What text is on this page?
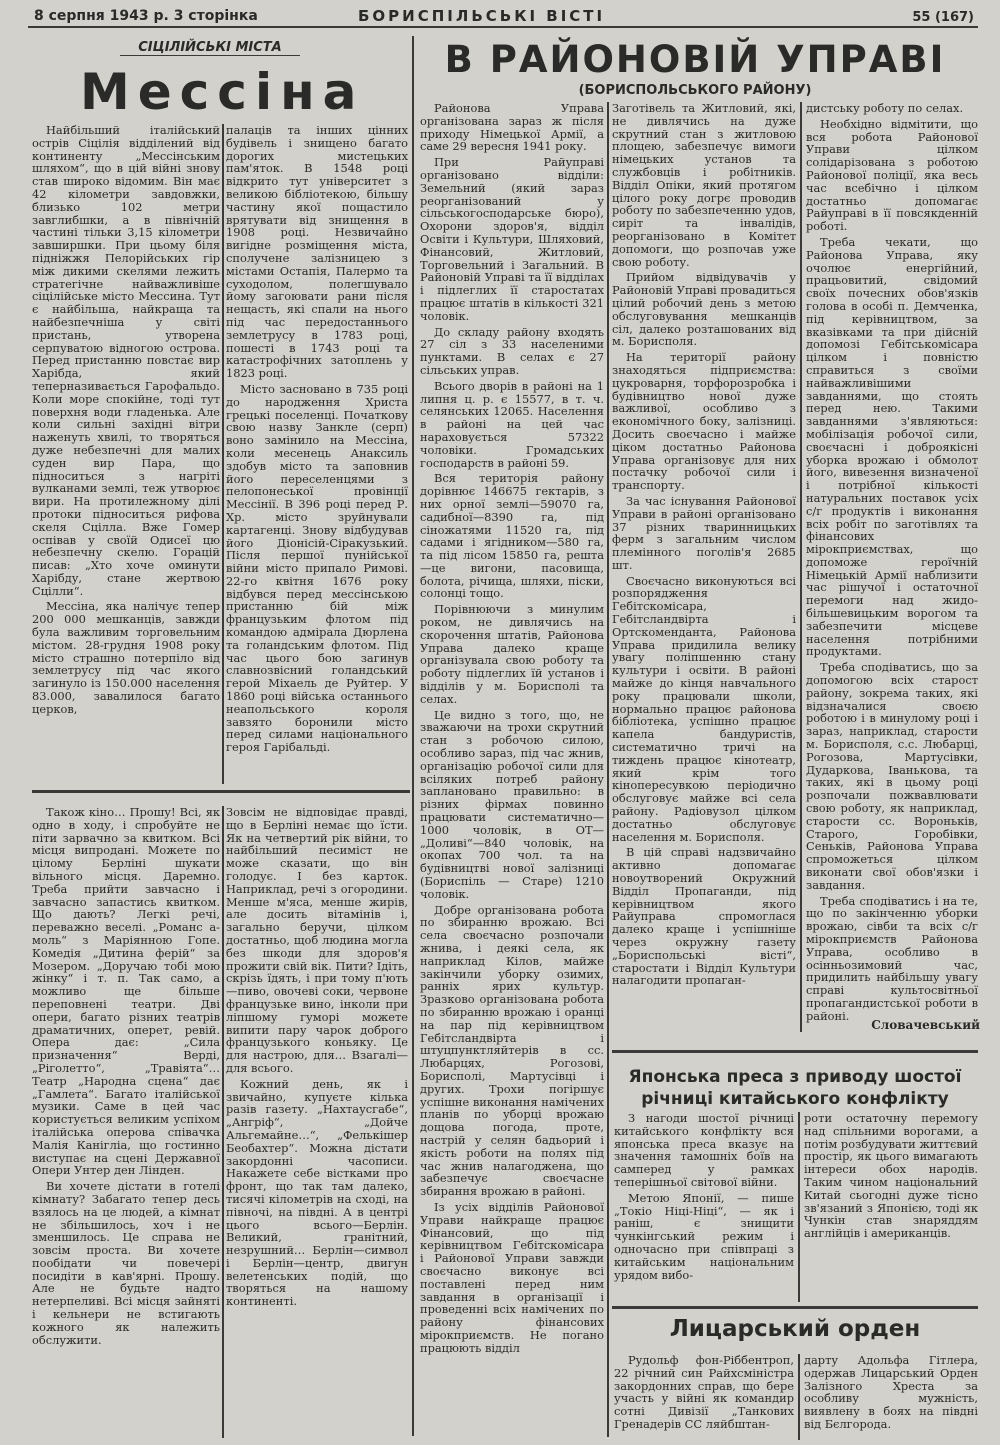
8 серпня 1943 р. 3 сторінка	БОРИСПІЛЬСЬКІ ВІСТІ	55 (167)
СІЦІЛІЙСЬКІ МІСТА
Мессіна

Найбільший італійський острів Сіцілія відділений від континенту „Мессінським шляхом“, що в цій війні знову став широко відомим. Він має 42 кілометри завдовжки, близько 102 метри завглибшки, а в північній частині тільки 3,15 кілометри завширшки. При цьому біля підніжжя Пелорійських гір між дикими скелями лежить стратегічне найважливіше сіцілійське місто Мессина. Тут є найбільша, найкраща та найбезпечніша у світі пристань, утворена серпуватою відногою острова. Перед пристанню повстає вир Харібда, який теперназивається Гарофальдо. Коли море спокійне, тоді тут поверхня води гладенька. Але коли сильні західні вітри наженуть хвилі, то творяться дуже небезпечні для малих суден вир Пара, що підноситься з нагріті вулканами землі, теж утворює вири. На протилежному ділі протоки підноситься рифова скеля Сцілла. Вже Гомер оспівав у своїй Одисеї цю небезпечну скелю. Горацій писав: „Хто хоче оминути Харібду, стане жертвою Сцілли“.

Мессіна, яка налічує тепер 200 000 мешканців, завжди була важливим торговельним містом. 28-грудня 1908 року місто страшно потерпіло від землетрусу під час якого загинуло із 150.000 населення 83.000, завалилося багато церков,

палаців та інших цінних будівель і знищено багато дорогих мистецьких пам'яток. В 1548 році відкрито тут університет з великою бібліотекою, більшу частину якої пощастило врятувати від знищення в 1908 році. Незвичайно вигідне розміщення міста, сполучене залізницею з містами Остапія, Палермо та суходолом, полегшувало йому загоювати рани після нещасть, які спали на нього під час передостаннього землетрусу в 1783 році, пошесті в 1743 році та катастрофічних затоплень у 1823 році.

Місто засновано в 735 році до народження Христа грецькі поселенці. Початкову свою назву Занкле (серп) воно замінило на Мессіна, коли месенець Анаксиль здобув місто та заповнив його переселенцями з пелопонеської провінції Мессінії. В 396 році перед Р. Хр. місто зруйнували картагенці. Знову відбудував його Діонісій-Сіракузький. Після першої пунійської війни місто припало Римові. 22-го квітня 1676 року відбувся перед мессінською пристанню бій між французьким флотом під командою адмірала Дюрлена та голандським флотом. Під час цього бою загинув славнозвісний голандський герой Міхаель де Руйтер. У 1860 році війська останнього неапольського короля завзято боронили місто перед силами національного героя Гарібальді.

В РАЙОНОВІЙ УПРАВІ
(БОРИСПОЛЬСЬКОГО РАЙОНУ)

Районова Управа організована зараз ж після приходу Німецької Армії, а саме 29 вересня 1941 року.

При Райуправі організовано відділи: Земельний (який зараз реорганізований у сільськогосподарське бюро), Охорони здоров'я, відділ Освіти і Культури, Шляховий, Фінансовий, Житловий, Торговельний і Загальний. В Районовій Управі та її відділах і підлеглих її старостатах працює штатів в кількості 321 чоловік.

До складу району входять 27 сіл з 33 населеними пунктами. В селах є 27 сільських управ.

Всього дворів в районі на 1 липня ц. р. є 15577, в т. ч. селянських 12065. Населення в районі на цей час нараховується 57322 чоловіки. Громадських господарств в районі 59.

Вся територія району дорівнює 146675 гектарів, з них орної землі—59070 га, садибної—8390 га, під сіножатями 11520 га, під садами і ягідником—580 га, та під лісом 15850 га, решта—це вигони, пасовища, болота, річища, шляхи, піски, солонці тощо.

Порівнюючи з минулим роком, не дивлячись на скорочення штатів, Районова Управа далеко краще організувала свою роботу та роботу підлеглих їй установ і відділів у м. Борисполі та селах.

Це видно з того, що, не зважаючи на трохи скрутний стан з робочою силою, особливо зараз, під час жнив, організацію робочої сили для всіляких потреб району заплановано правильно: в різних фірмах повинно працювати систематично—1000 чоловік, в ОТ—„Доливі“—840 чоловік, на окопах 700 чол. та на будівництві нової залізниці (Бориспіль — Старе) 1210 чоловік.

Добре організована робота по збиранню врожаю. Всі села своєчасно розпочали жнива, і деякі села, як наприклад Кілов, майже закінчили уборку озимих, ранніх ярих культур. Зразково організована робота по збиранню врожаю і оранці на пар під керівництвом Гебітсландвірта і штуцпунктляйтерів в сс. Любарцях, Рогозові, Борисполі, Мартусівці і других. Трохи погіршує успішне виконання намічених планів по уборці врожаю дощова погода, проте, настрій у селян бадьорий і якість роботи на полях під час жнив налагоджена, що забезпечує своєчасне збирання врожаю в районі.

Із усіх відділів Районової Управи найкраще працює Фінансовий, що під керівництвом Гебітскомісара і Районової Управи завжди своєчасно виконує всі поставлені перед ним завдання в організації і проведенні всіх намічених по району фінансових мірокприємств. Не погано працюють відділ

Заготівель та Житловий, які, не дивлячись на дуже скрутний стан з житловою площею, забезпечує вимоги німецьких установ та службовців і робітників. Відділ Опіки, який протягом цілого року догрє проводив роботу по забезпеченню удов, сиріт та інвалідів, реорганізовано в Комітет допомоги, що розпочав уже свою роботу.

Прийом відвідувачів у Районовій Управі провадиться цілий робочий день з метою обслуговування мешканців сіл, далеко розташованих від м. Борисполя.

На території району знаходяться підприємства: цукроварня, торфорозробка і будівництво нової дуже важливої, особливо з економічного боку, залізниці. Досить своєчасно і майже ціком достатньо Районова Управа організовує для них постачку робочої сили і транспорту.

За час існування Районової Управи в районі організовано 37 різних тваринницьких ферм з загальним числом племінного поголів'я 2685 шт.

Своєчасно виконуються всі розпорядження Гебітскомісара, Гебітсландвірта і Ортскоменданта, Районова Управа придилила велику увагу поліпшенню стану культури і освіти. В районі майже до кінця навчального року працювали школи, нормально працює районова бібліотека, успішно працює капела бандуристів, систематично тричі на тиждень працює кінотеатр, який крім того кінопересувкою періодично обслуговує майже всі села району. Радіовузол цілком достатньо обслуговує населення м. Борисполя.

В цій справі надзвичайно активно допомагає новоутворений Окружний Відділ Пропаганди, під керівництвом якого Райуправа спромоглася далеко краще і успішніше через окружну газету „Бориспольські вісті“, старостати і Відділ Культури налагодити пропаган-

дистську роботу по селах.

Необхідно відмітити, що вся робота Районової Управи цілком солідарізована з роботою Районової поліції, яка весь час всебічно і цілком достатньо допомагає Райуправі в її повсякденній роботі.

Треба чекати, що Районова Управа, яку очолює енергійний, працьовитий, свідомий своїх почесних обов'язків голова в особі п. Демченка, під керівництвом, за вказівками та при дійсній допомозі Гебітськомісара цілком і повністю справиться з своїми найважливішими завданнями, що стоять перед нею. Такими завданнями з'являються: мобілізація робочої сили, своєчасні і доброякісні уборка врожаю і обмолот його, вивезення визначеної і потрібної кількості натуральних поставок усіх с/г продуктів і виконання всіх робіт по заготівлях та фінансових мірокприємствах, що допоможе героїчній Німецькій Армії наблизити час рішучої і остаточної перемоги над жидо-більшевицьким ворогом та забезпечити місцеве населення потрібними продуктами.

Треба сподіватись, що за допомогою всіх старост району, зокрема таких, які відзначалися своєю роботою і в минулому році і зараз, наприклад, старости м. Борисполя, с.с. Любарці, Рогозова, Мартусівки, Дударкова, Іванькова, та таких, які в цьому році розпочали пожвавлювати свою роботу, як наприклад, старости сс. Вороньків, Старого, Горобівки, Сеньків, Районова Управа спроможеться цілком виконати свої обов'язки і завдання.

Треба сподіватись і на те, що по закінченню уборки врожаю, сівби та всіх с/г мірокприємств Районова Управа, особливо в осінньозимовий час, придилить найбільшу увагу справі культосвітньої пропагандистської роботи в районі.

Словачевський

Також кіно… Прошу! Всі, як одно в ходу, і спробуйте не піти зарвачно за квитком. Всі місця випродані. Можете по цілому Берліні шукати вільного місця. Даремно. Треба прийти завчасно і завчасно запастись квитком. Що дають? Легкі речі, переважно веселі. „Романс а-моль“ з Маріянною Гопе. Комедія „Дитина ферій“ за Мозером. „Доручаю тобі мою жінку“ і т. п. Так само, а можливо ще більше переповнені театри. Дві опери, багато різних театрів драматичних, оперет, ревій. Опера дає: „Сила призначення“ Верді, „Ріголетто“, „Травіята“… Театр „Народна сцена“ дає „Гамлета“. Багато італійської музики. Саме в цей час користується великим успіхом італійська оперова співачка Малія Канігліа, що гостинно виступає на сцені Державної Опери Унтер ден Лінден.

Ви хочете дістати в готелі кімнату? Забагато тепер десь взялось на це людей, а кімнат не збільшилось, хоч і не зменшилось. Це справа не зовсім проста. Ви хочете пообідати чи повечері посидіти в кав'ярні. Прошу. Але не будьте надто нетерпеливі. Всі місця зайняті і кельнери не встигають кожного як належить обслужити.

Зовсім не відповідає правді, що в Берліні немає що їсти. Як на четвертий рік війни, то найбільший песиміст не може сказати, що він голодує. І без карток. Наприклад, речі з огородини. Менше м'яса, менше жирів, але досить вітамінів і, загально беручи, цілком достатньо, щоб людина могла без шкоди для здоров'я прожити свій вік. Пити? Ідіть, скрізь їдять, і при тому п'ють—пиво, овочеві соки, червоне французьке вино, інколи при ліпшому гуморі можете випити пару чарок доброго французького коньяку. Це для настрою, для… Взагалі—для всього.

Кожний день, як і звичайно, купуєте кілька разів газету. „Нахтаусгабе“, „Ангріф“, „Дойче Альгемайне…“, „Фелькішер Беобахтер“. Можна дістати закордонні часописи. Накажете себе вістками про фронт, що так там далеко, тисячі кілометрів на сході, на півночі, на півдні. А в центрі цього всього—Берлін. Великий, гранітний, незрушний… Берлін—символ і Берлін—центр, двигун велетенських подій, що творяться на нашому континенті.

Японська преса з приводу шостої
річниці китайського конфлікту

З нагоди шостої річниці китайського конфлікту вся японська преса вказує на значення тамошніх боїв на самперед у рамках теперішньої світової війни.

Метою Японії, — пише „Токіо Ніці-Ніці“, — як і раніш, є знищити чункінгський режим і одночасно при співпраці з китайським національним урядом вибо-

роти остаточну перемогу над спільними ворогами, а потім розбудувати життєвий простір, як цього вимагають інтереси обох народів. Таким чином національний Китай сьогодні дуже тісно зв'язаний з Японією, тоді як Чункін став знаряддям англійців і американців.

Лицарський орден

Рудольф фон-Ріббентроп, 22 річний син Райхсміністра закордонних справ, що бере участь у війні як командир сотні Дивізії „Танкових Гренадерів СС ляйбштан-

дарту Адольфа Гітлера, одержав Лицарський Орден Залізного Хреста за особливу мужність, виявлену в боях на півдні від Бєлгорода.
